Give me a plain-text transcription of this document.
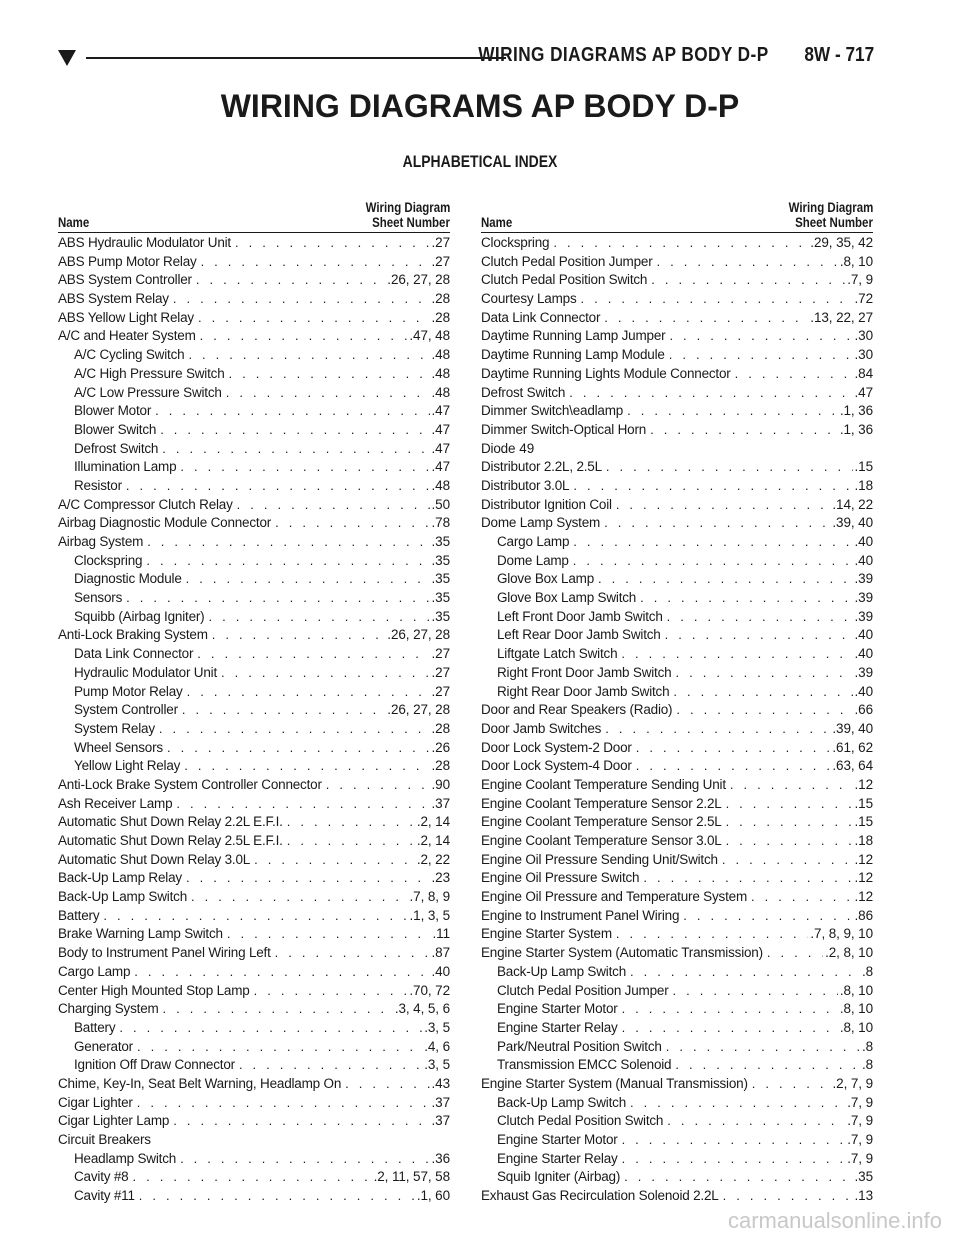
WIRING DIAGRAMS AP BODY D-P 8W - 717
WIRING DIAGRAMS AP BODY D-P
ALPHABETICAL INDEX
Wiring Diagram
Sheet Number
Name
ABS Hydraulic Modulator Unit . . .	.27
ABS Pump Motor Relay . . .	.27
ABS System Controller . . .	.26, 27, 28
ABS System Relay . . .	.28
ABS Yellow Light Relay . . .	.28
A/C and Heater System . . .	.47, 48
A/C Cycling Switch . . .	.48
A/C High Pressure Switch . . .	.48
A/C Low Pressure Switch . . .	.48
Blower Motor . . .	.47
Blower Switch . . .	.47
Defrost Switch . . .	.47
Illumination Lamp . . .	.47
Resistor . . .	.48
A/C Compressor Clutch Relay . . .	.50
Airbag Diagnostic Module Connector . . .	.78
Airbag System . . .	.35
Clockspring . . .	.35
Diagnostic Module . . .	.35
Sensors . . .	.35
Squibb (Airbag Igniter) . . .	.35
Anti-Lock Braking System . . .	.26, 27, 28
Data Link Connector . . .	.27
Hydraulic Modulator Unit . . .	.27
Pump Motor Relay . . .	.27
System Controller . . .	.26, 27, 28
System Relay . . .	.28
Wheel Sensors . . .	.26
Yellow Light Relay . . .	.28
Anti-Lock Brake System Controller Connector . . .	.90
Ash Receiver Lamp . . .	.37
Automatic Shut Down Relay 2.2L E.F.I. . . .	.2, 14
Automatic Shut Down Relay 2.5L E.F.I. . . .	.2, 14
Automatic Shut Down Relay 3.0L . . .	.2, 22
Back-Up Lamp Relay . . .	.23
Back-Up Lamp Switch . . .	.7, 8, 9
Battery . . .	.1, 3, 5
Brake Warning Lamp Switch . . .	.11
Body to Instrument Panel Wiring Left . . .	.87
Cargo Lamp . . .	.40
Center High Mounted Stop Lamp . . .	.70, 72
Charging System . . .	.3, 4, 5, 6
Battery . . .	.3, 5
Generator . . .	.4, 6
Ignition Off Draw Connector . . .	.3, 5
Chime, Key-In, Seat Belt Warning, Headlamp On . . .	.43
Cigar Lighter . . .	.37
Cigar Lighter Lamp . . .	.37
Circuit Breakers
Headlamp Switch . . .	.36
Cavity #8 . . .	.2, 11, 57, 58
Cavity #11 . . .	.1, 60
Wiring Diagram
Sheet Number
Name
Clockspring . . .	.29, 35, 42
Clutch Pedal Position Jumper . . .	.8, 10
Clutch Pedal Position Switch . . .	.7, 9
Courtesy Lamps . . .	.72
Data Link Connector . . .	.13, 22, 27
Daytime Running Lamp Jumper . . .	.30
Daytime Running Lamp Module . . .	.30
Daytime Running Lights Module Connector . . .	.84
Defrost Switch . . .	.47
Dimmer Switch\eadlamp . . .	.1, 36
Dimmer Switch-Optical Horn . . .	.1, 36
Diode 49
Distributor 2.2L, 2.5L . . .	.15
Distributor 3.0L . . .	.18
Distributor Ignition Coil . . .	.14, 22
Dome Lamp System . . .	.39, 40
Cargo Lamp . . .	.40
Dome Lamp . . .	.40
Glove Box Lamp . . .	.39
Glove Box Lamp Switch . . .	.39
Left Front Door Jamb Switch . . .	.39
Left Rear Door Jamb Switch . . .	.40
Liftgate Latch Switch . . .	.40
Right Front Door Jamb Switch . . .	.39
Right Rear Door Jamb Switch . . .	.40
Door and Rear Speakers (Radio) . . .	.66
Door Jamb Switches . . .	.39, 40
Door Lock System-2 Door . . .	.61, 62
Door Lock System-4 Door . . .	.63, 64
Engine Coolant Temperature Sending Unit . . .	.12
Engine Coolant Temperature Sensor 2.2L . . .	.15
Engine Coolant Temperature Sensor 2.5L . . .	.15
Engine Coolant Temperature Sensor 3.0L . . .	.18
Engine Oil Pressure Sending Unit/Switch . . .	.12
Engine Oil Pressure Switch . . .	.12
Engine Oil Pressure and Temperature System . . .	.12
Engine to Instrument Panel Wiring . . .	.86
Engine Starter System . . .	.7, 8, 9, 10
Engine Starter System (Automatic Transmission) . . .	.2, 8, 10
Back-Up Lamp Switch . . .	.8
Clutch Pedal Position Jumper . . .	.8, 10
Engine Starter Motor . . .	.8, 10
Engine Starter Relay . . .	.8, 10
Park/Neutral Position Switch . . .	.8
Transmission EMCC Solenoid . . .	.8
Engine Starter System (Manual Transmission) . . .	.2, 7, 9
Back-Up Lamp Switch . . .	.7, 9
Clutch Pedal Position Switch . . .	.7, 9
Engine Starter Motor . . .	.7, 9
Engine Starter Relay . . .	.7, 9
Squib Igniter (Airbag) . . .	.35
Exhaust Gas Recirculation Solenoid 2.2L . . .	.13
carmanualsonline.info
